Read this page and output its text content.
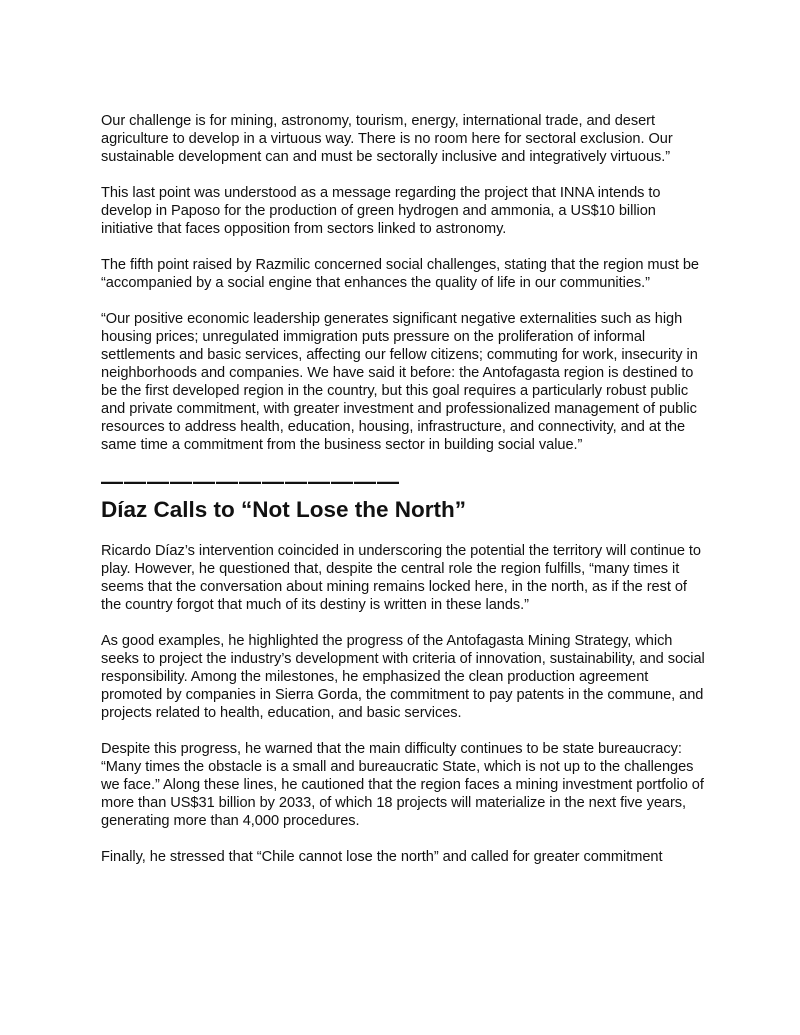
Our challenge is for mining, astronomy, tourism, energy, international trade, and desert agriculture to develop in a virtuous way. There is no room here for sectoral exclusion. Our sustainable development can and must be sectorally inclusive and integratively virtuous.”

This last point was understood as a message regarding the project that INNA intends to develop in Paposo for the production of green hydrogen and ammonia, a US$10 billion initiative that faces opposition from sectors linked to astronomy.

The fifth point raised by Razmilic concerned social challenges, stating that the region must be “accompanied by a social engine that enhances the quality of life in our communities.”

“Our positive economic leadership generates significant negative externalities such as high housing prices; unregulated immigration puts pressure on the proliferation of informal settlements and basic services, affecting our fellow citizens; commuting for work, insecurity in neighborhoods and companies. We have said it before: the Antofagasta region is destined to be the first developed region in the country, but this goal requires a particularly robust public and private commitment, with greater investment and professionalized management of public resources to address health, education, housing, infrastructure, and connectivity, and at the same time a commitment from the business sector in building social value.”

—————————————
Díaz Calls to “Not Lose the North”

Ricardo Díaz’s intervention coincided in underscoring the potential the territory will continue to play. However, he questioned that, despite the central role the region fulfills, “many times it seems that the conversation about mining remains locked here, in the north, as if the rest of the country forgot that much of its destiny is written in these lands.”

As good examples, he highlighted the progress of the Antofagasta Mining Strategy, which seeks to project the industry’s development with criteria of innovation, sustainability, and social responsibility. Among the milestones, he emphasized the clean production agreement promoted by companies in Sierra Gorda, the commitment to pay patents in the commune, and projects related to health, education, and basic services.

Despite this progress, he warned that the main difficulty continues to be state bureaucracy: “Many times the obstacle is a small and bureaucratic State, which is not up to the challenges we face.” Along these lines, he cautioned that the region faces a mining investment portfolio of more than US$31 billion by 2033, of which 18 projects will materialize in the next five years, generating more than 4,000 procedures.

Finally, he stressed that “Chile cannot lose the north” and called for greater commitment
